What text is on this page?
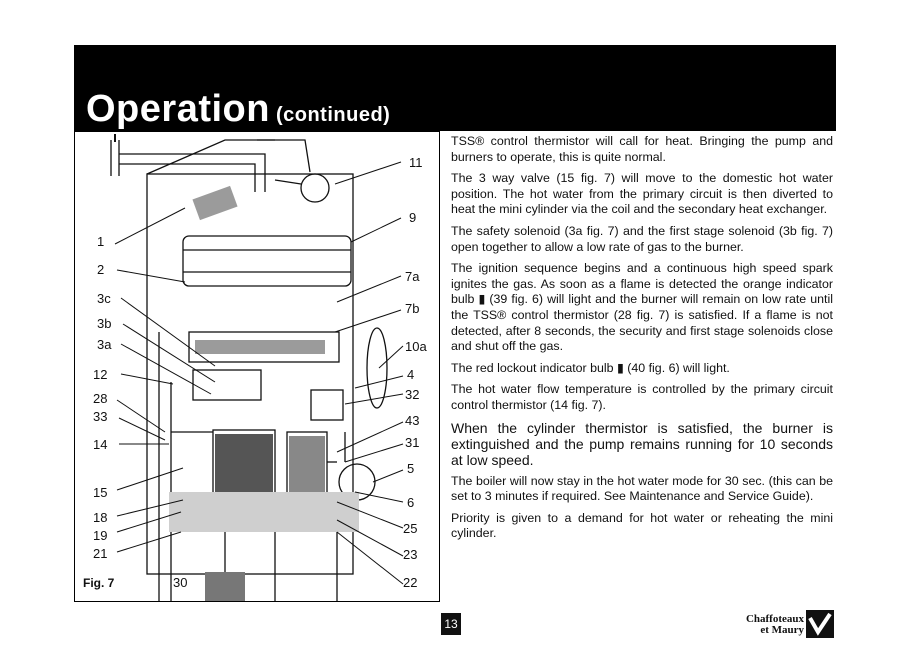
Operation (continued)
1
2
3c
3b
3a
12
28
33
14
15
18
19
21
11
9
7a
7b
10a
4
32
43
31
5
6
25
23
22
30
Fig. 7

TSS® control thermistor will call for heat. Bringing the pump and burners to operate, this is quite normal.

The 3 way valve (15 fig. 7) will move to the domestic hot water position. The hot water from the primary circuit is then diverted to heat the mini cylinder via the coil and the secondary heat exchanger.

The safety solenoid (3a fig. 7) and the first stage solenoid (3b fig. 7) open together to allow a low rate of gas to the burner.

The ignition sequence begins and a continuous high speed spark ignites the gas. As soon as a flame is detected the orange indicator bulb ▮ (39 fig. 6) will light and the burner will remain on low rate until the TSS® control thermistor (28 fig. 7) is satisfied. If a flame is not detected, after 8 seconds, the security and first stage solenoids close and shut off the gas.

The red lockout indicator bulb ▮ (40 fig. 6) will light.

The hot water flow temperature is controlled by the primary circuit control thermistor (14 fig. 7).

When the cylinder thermistor is satisfied, the burner is extinguished and the pump remains running for 10 seconds at low speed.

The boiler will now stay in the hot water mode for 30 sec. (this can be set to 3 minutes if required. See Maintenance and Service Guide).

Priority is given to a demand for hot water or reheating the mini cylinder.

13	Chaffoteaux
et Maury
